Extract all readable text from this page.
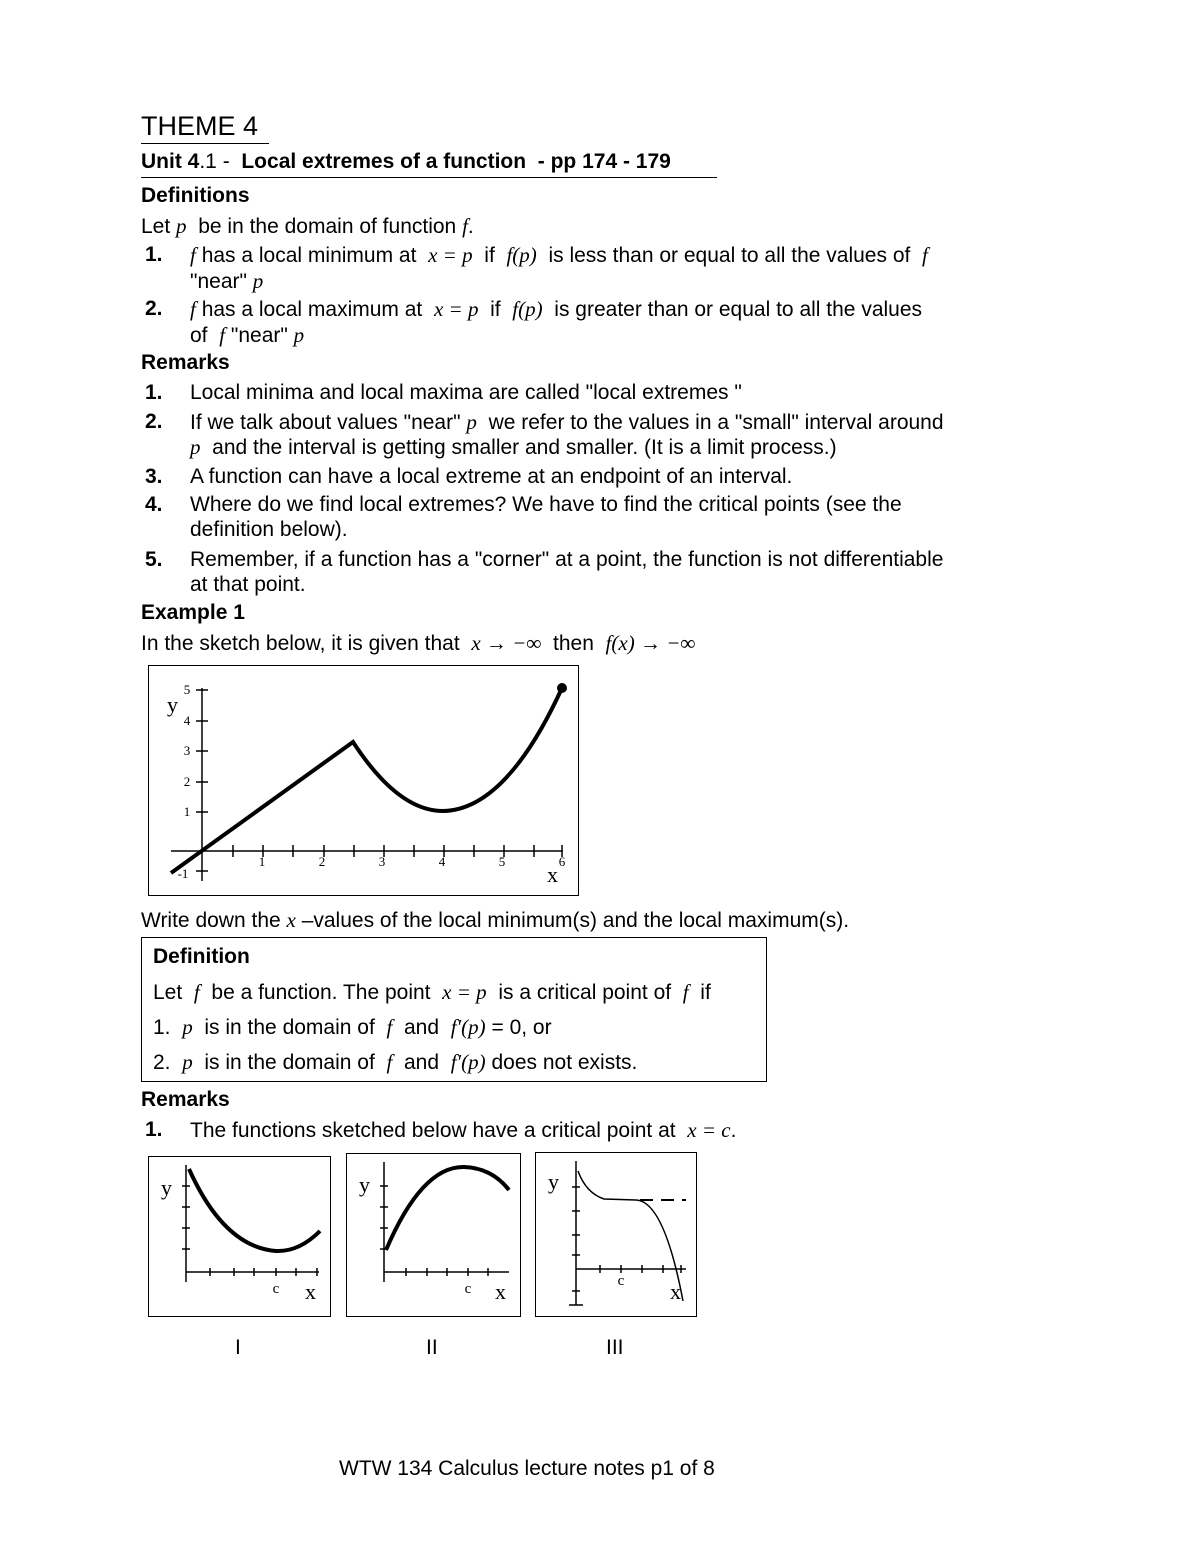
THEME 4
Unit 4.1 - Local extremes of a function - pp 174 - 179
Definitions
Let p be in the domain of function f.
1. f has a local minimum at x = p if f(p) is less than or equal to all the values of f
"near" p
2. f has a local maximum at x = p if f(p) is greater than or equal to all the values
of f "near" p
Remarks
1. Local minima and local maxima are called "local extremes "
2. If we talk about values "near" p we refer to the values in a "small" interval around
p and the interval is getting smaller and smaller. (It is a limit process.)
3. A function can have a local extreme at an endpoint of an interval.
4. Where do we find local extremes? We have to find the critical points (see the
definition below).
5. Remember, if a function has a "corner" at a point, the function is not differentiable
at that point.
Example 1
In the sketch below, it is given that x → −∞ then f(x) → −∞
1	2	3	4	5	6
1
2
3
4
5
-1
y
x
Write down the x –values of the local minimum(s) and the local maximum(s).
Definition
Let f be a function. The point x = p is a critical point of f if
1. p is in the domain of f and f′(p) = 0, or
2. p is in the domain of f and f′(p) does not exists.
Remarks
1. The functions sketched below have a critical point at x = c.
y
x
c
y
x
c
y
x
c
I	II	III
WTW 134 Calculus lecture notes p1 of 8
